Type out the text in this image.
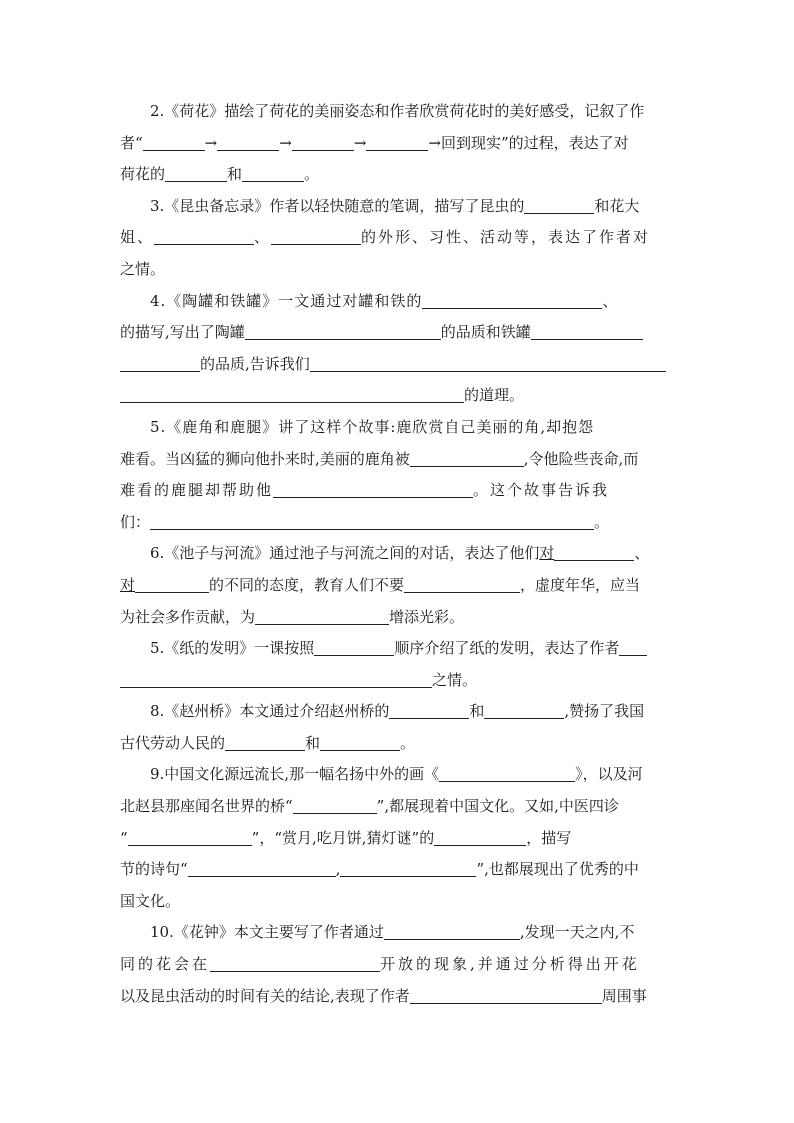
2.《荷花》描绘了荷花的美丽姿态和作者欣赏荷花时的美好感受，记叙了作
者“	→	→	→	→回到现实”的过程，表达了对
荷花的	和	。
3.《昆虫备忘录》作者以轻快随意的笔调，描写了昆虫的	和花大
姐、	、	的外形、习性、活动等，表达了作者对
之情。
4.《陶罐和铁罐》一文通过对罐和铁的	、
的描写,写出了陶罐	的品质和铁罐
的品质,告诉我们
的道理。
5.《鹿角和鹿腿》讲了这样个故事:鹿欣赏自己美丽的角,却抱怨
难看。当凶猛的狮向他扑来时,美丽的鹿角被	,令他险些丧命,而
难看的鹿腿却帮助他	。这个故事告诉我
们：	。
6.《池子与河流》通过池子与河流之间的对话，表达了他们对	、
对	的不同的态度，教育人们不要	，虚度年华，应当
为社会多作贡献，为	增添光彩。
5.《纸的发明》一课按照	顺序介绍了纸的发明，表达了作者
之情。
8.《赵州桥》本文通过介绍赵州桥的	和	,赞扬了我国
古代劳动人民的	和	。
9.中国文化源远流长,那一幅名扬中外的画《	》，以及河
北赵县那座闻名世界的桥“	”,都展现着中国文化。又如,中医四诊
“	”，“赏月,吃月饼,猜灯谜”的	，描写
节的诗句“	,	”,也都展现出了优秀的中
国文化。
10.《花钟》本文主要写了作者通过	,发现一天之内,不
同的花会在	开放的现象,并通过分析得出开花
以及昆虫活动的时间有关的结论,表现了作者	周围事
